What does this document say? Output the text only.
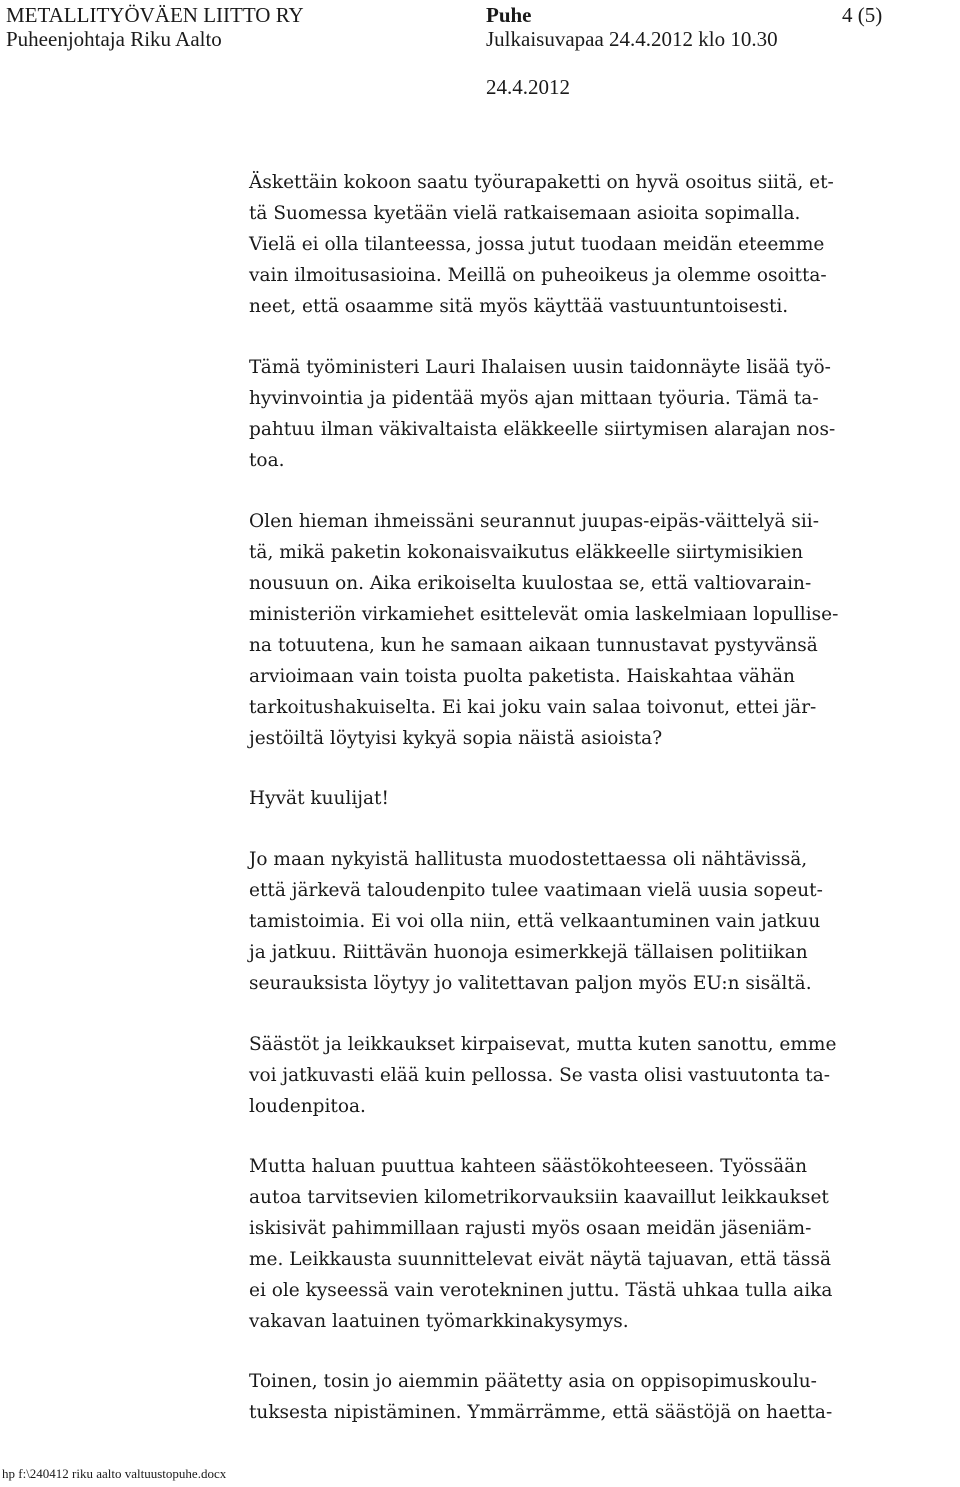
METALLITYÖVÄEN LIITTO RY	Puhe	4 (5)
Puheenjohtaja Riku Aalto	Julkaisuvapaa 24.4.2012 klo 10.30
24.4.2012
Äskettäin kokoon saatu työurapaketti on hyvä osoitus siitä, et-
tä Suomessa kyetään vielä ratkaisemaan asioita sopimalla.
Vielä ei olla tilanteessa, jossa jutut tuodaan meidän eteemme
vain ilmoitusasioina. Meillä on puheoikeus ja olemme osoitta-
neet, että osaamme sitä myös käyttää vastuuntuntoisesti.
Tämä työministeri Lauri Ihalaisen uusin taidonnäyte lisää työ-
hyvinvointia ja pidentää myös ajan mittaan työuria. Tämä ta-
pahtuu ilman väkivaltaista eläkkeelle siirtymisen alarajan nos-
toa.
Olen hieman ihmeissäni seurannut juupas-eipäs-väittelyä sii-
tä, mikä paketin kokonaisvaikutus eläkkeelle siirtymisikien
nousuun on. Aika erikoiselta kuulostaa se, että valtiovarain-
ministeriön virkamiehet esittelevät omia laskelmiaan lopullise-
na totuutena, kun he samaan aikaan tunnustavat pystyvänsä
arvioimaan vain toista puolta paketista. Haiskahtaa vähän
tarkoitushakuiselta. Ei kai joku vain salaa toivonut, ettei jär-
jestöiltä löytyisi kykyä sopia näistä asioista?
Hyvät kuulijat!
Jo maan nykyistä hallitusta muodostettaessa oli nähtävissä,
että järkevä taloudenpito tulee vaatimaan vielä uusia sopeut-
tamistoimia. Ei voi olla niin, että velkaantuminen vain jatkuu
ja jatkuu. Riittävän huonoja esimerkkejä tällaisen politiikan
seurauksista löytyy jo valitettavan paljon myös EU:n sisältä.
Säästöt ja leikkaukset kirpaisevat, mutta kuten sanottu, emme
voi jatkuvasti elää kuin pellossa. Se vasta olisi vastuutonta ta-
loudenpitoa.
Mutta haluan puuttua kahteen säästökohteeseen. Työssään
autoa tarvitsevien kilometrikorvauksiin kaavaillut leikkaukset
iskisivät pahimmillaan rajusti myös osaan meidän jäseniäm-
me. Leikkausta suunnittelevat eivät näytä tajuavan, että tässä
ei ole kyseessä vain verotekninen juttu. Tästä uhkaa tulla aika
vakavan laatuinen työmarkkinakysymys.
Toinen, tosin jo aiemmin päätetty asia on oppisopimuskoulu-
tuksesta nipistäminen. Ymmärrämme, että säästöjä on haetta-
hp f:\240412 riku aalto valtuustopuhe.docx
